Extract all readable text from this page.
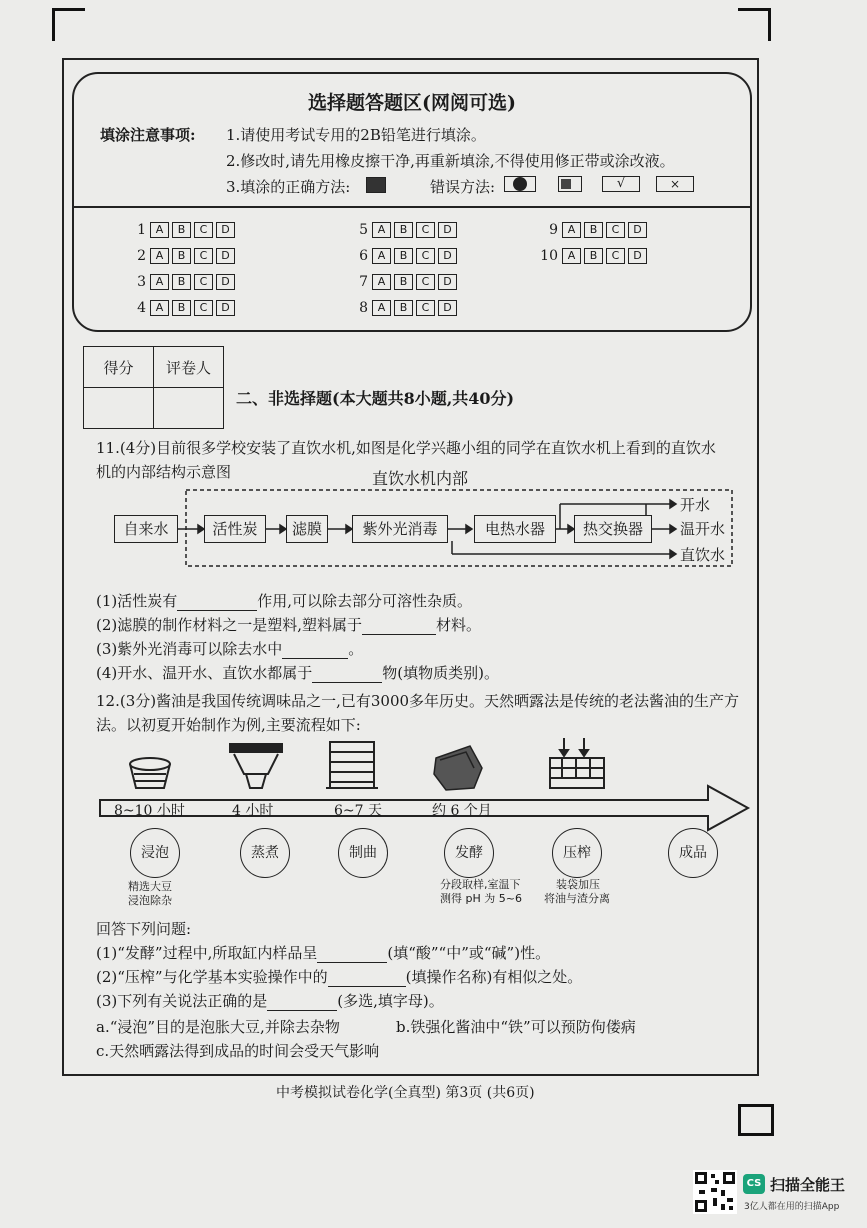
选择题答题区(网阅可选)
填涂注意事项: 1.请使用考试专用的2B铅笔进行填涂。
2.修改时,请先用橡皮擦干净,再重新填涂,不得使用修正带或涂改液。
3.填涂的正确方法:	错误方法:	√	×
1 A	B	C	D
2 A	B	C	D
3 A	B	C	D
4 A	B	C	D
5 A	B	C	D
6 A	B	C	D
7 A	B	C	D
8 A	B	C	D
9 A	B	C	D
10 A	B	C	D
得分	评卷人

二、非选择题(本大题共8小题,共40分)
11.(4分)目前很多学校安装了直饮水机,如图是化学兴趣小组的同学在直饮水机上看到的直饮水
机的内部结构示意图	直饮水机内部
自来水	活性炭	滤膜	紫外光消毒	电热水器	热交换器
开水
温开水
直饮水
(1)活性炭有	作用,可以除去部分可溶性杂质。
(2)滤膜的制作材料之一是塑料,塑料属于	材料。
(3)紫外光消毒可以除去水中	。
(4)开水、温开水、直饮水都属于	物(填物质类别)。
12.(3分)酱油是我国传统调味品之一,已有3000多年历史。天然晒露法是传统的老法酱油的生产方
法。以初夏开始制作为例,主要流程如下:
8~10 小时	4 小时	6~7 天	约 6 个月
浸泡	蒸煮	制曲	发酵	压榨	成品
精选大豆
浸泡除杂
分段取样,室温下
测得 pH 为 5~6
装袋加压
将油与渣分离
回答下列问题:
(1)“发酵”过程中,所取缸内样品呈	(填“酸”“中”或“碱”)性。
(2)“压榨”与化学基本实验操作中的	(填操作名称)有相似之处。
(3)下列有关说法正确的是	(多选,填字母)。
a.“浸泡”目的是泡胀大豆,并除去杂物	b.铁强化酱油中“铁”可以预防佝偻病
c.天然晒露法得到成品的时间会受天气影响
中考模拟试卷化学(全真型) 第3页 (共6页)
CS 扫描全能王
3亿人都在用的扫描App
